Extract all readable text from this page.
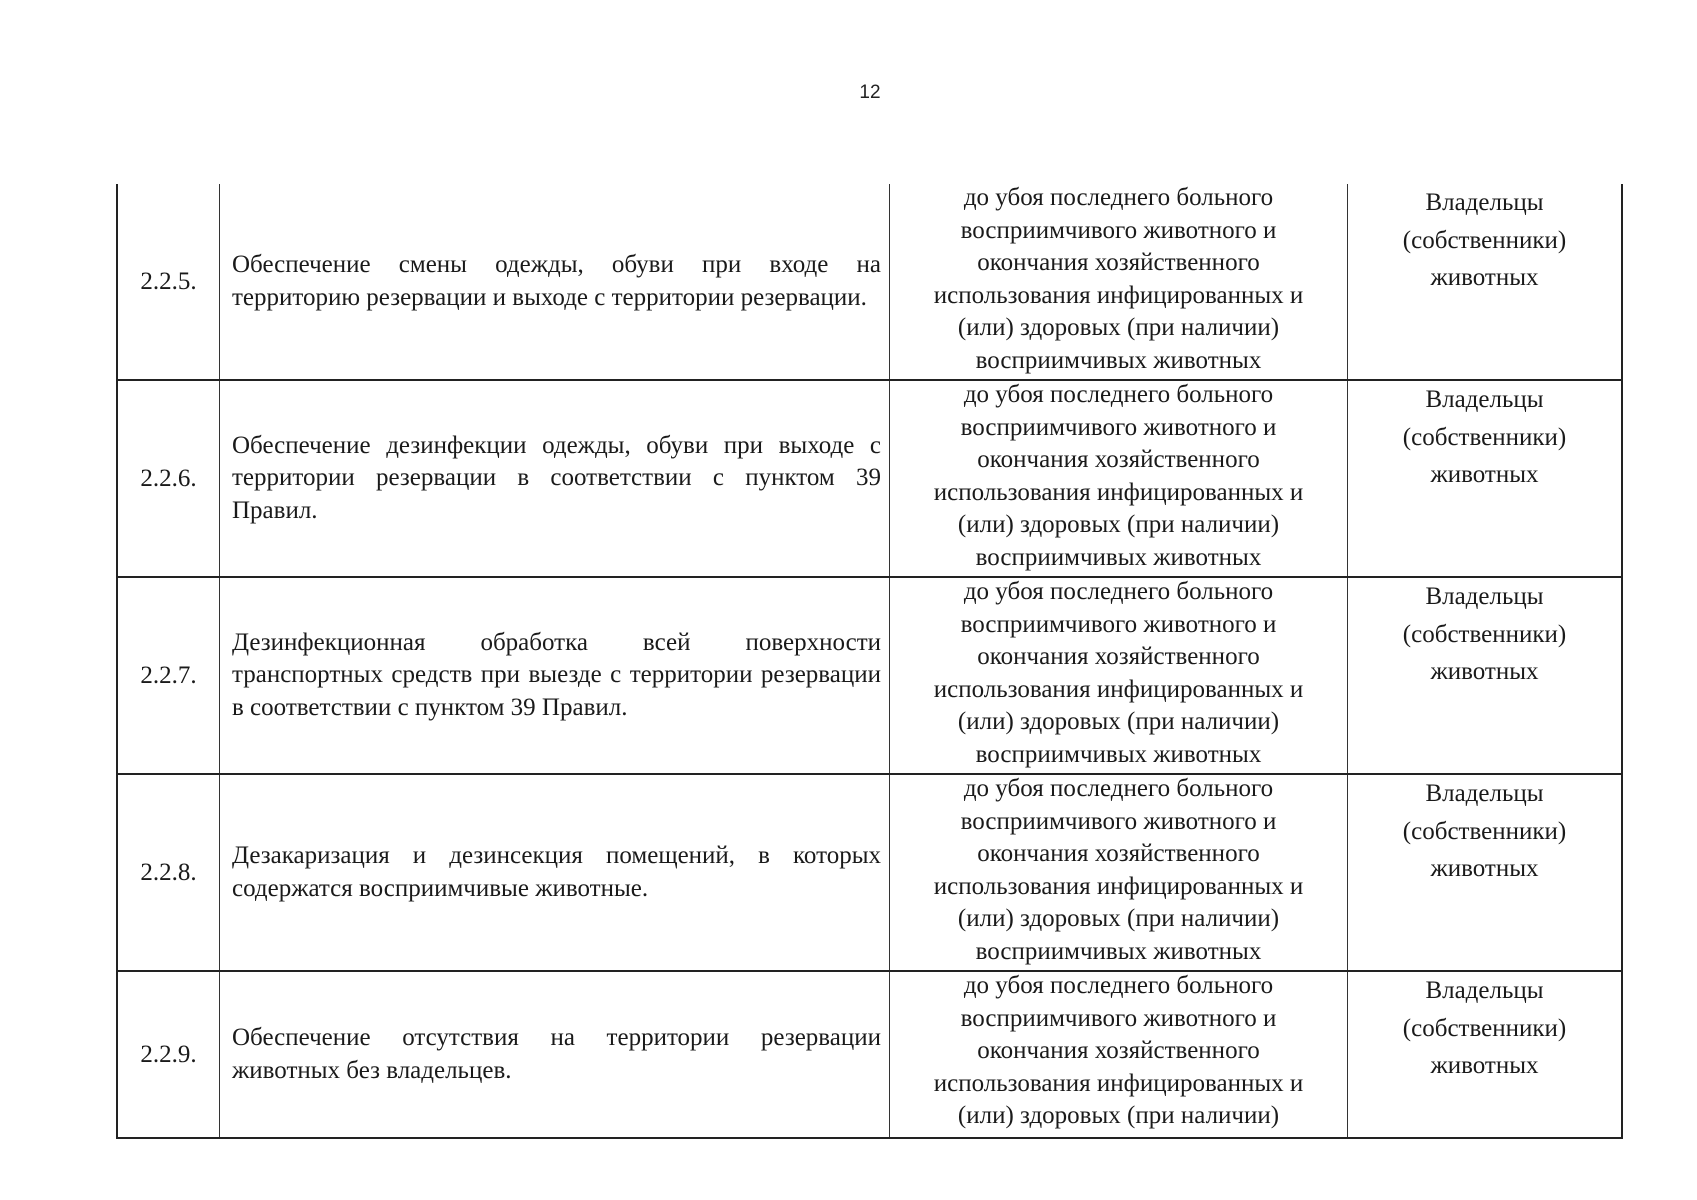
12
2.2.5.
Обеспечение смены одежды, обуви при входе на территорию резервации и выходе с территории резервации.
до убоя последнего больного
восприимчивого животного и
окончания хозяйственного
использования инфицированных и
(или) здоровых (при наличии)
восприимчивых животных
Владельцы
(собственники)
животных
2.2.6.
Обеспечение дезинфекции одежды, обуви при выходе с территории резервации в соответствии с пунктом 39 Правил.
до убоя последнего больного
восприимчивого животного и
окончания хозяйственного
использования инфицированных и
(или) здоровых (при наличии)
восприимчивых животных
Владельцы
(собственники)
животных
2.2.7.
Дезинфекционная обработка всей поверхности транспортных средств при выезде с территории резервации в соответствии с пунктом 39 Правил.
до убоя последнего больного
восприимчивого животного и
окончания хозяйственного
использования инфицированных и
(или) здоровых (при наличии)
восприимчивых животных
Владельцы
(собственники)
животных
2.2.8.
Дезакаризация и дезинсекция помещений, в которых содержатся восприимчивые животные.
до убоя последнего больного
восприимчивого животного и
окончания хозяйственного
использования инфицированных и
(или) здоровых (при наличии)
восприимчивых животных
Владельцы
(собственники)
животных
2.2.9.
Обеспечение отсутствия на территории резервации животных без владельцев.
до убоя последнего больного
восприимчивого животного и
окончания хозяйственного
использования инфицированных и
(или) здоровых (при наличии)
Владельцы
(собственники)
животных
